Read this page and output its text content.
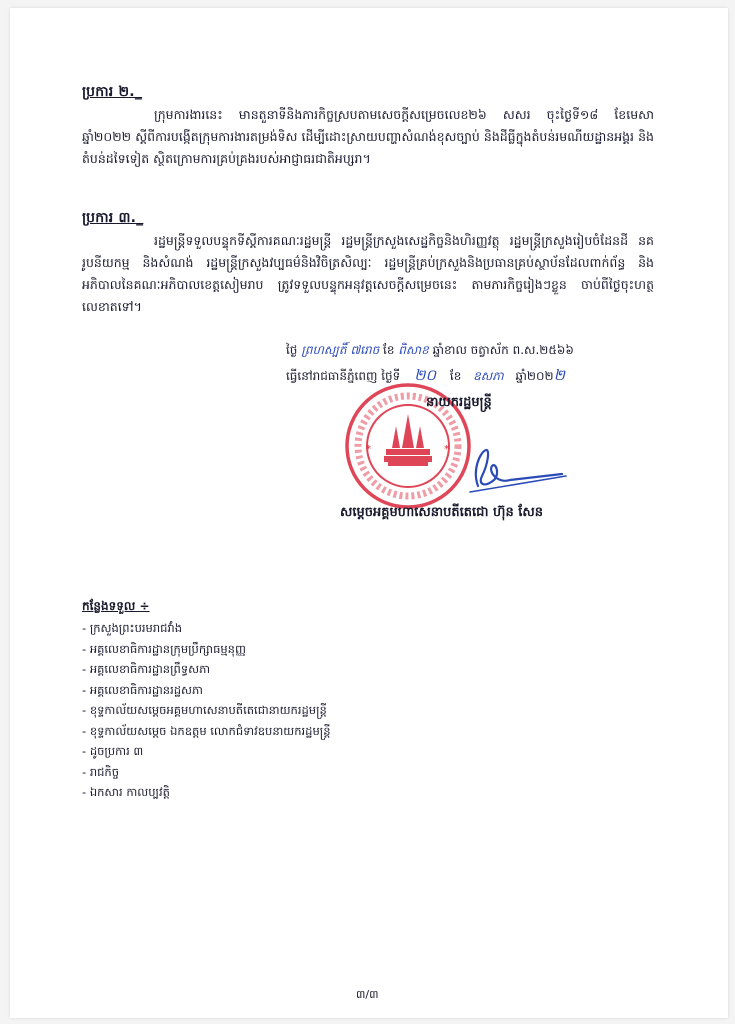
ប្រការ ២._
ក្រុមការងារនេះ មានតួនាទីនិងភារកិច្ចស្របតាមសេចក្ដីសម្រេចលេខ២៦ សសរ ចុះថ្ងៃទី១៨ ខែមេសា ឆ្នាំ២០២២ ស្ដីពីការបង្កើតក្រុមការងារតម្រង់ទិស ដើម្បីដោះស្រាយបញ្ហាសំណង់ខុសច្បាប់ និងដីធ្លីក្នុងតំបន់រមណីយដ្ឋានអង្គរ និងតំបន់ដទៃទៀត ស្ថិតក្រោមការគ្រប់គ្រងរបស់អាជ្ញាធរជាតិអប្សរា។
ប្រការ ៣._
រដ្ឋមន្ត្រីទទួលបន្ទុកទីស្ដីការគណៈរដ្ឋមន្ត្រី រដ្ឋមន្ត្រីក្រសួងសេដ្ឋកិច្ចនិងហិរញ្ញវត្ថុ រដ្ឋមន្ត្រីក្រសួងរៀបចំដែនដី នគរូបនីយកម្ម និងសំណង់ រដ្ឋមន្ត្រីក្រសួងវប្បធម៌និងវិចិត្រសិល្បៈ រដ្ឋមន្ត្រីគ្រប់ក្រសួងនិងប្រធានគ្រប់ស្ថាប័នដែលពាក់ព័ន្ធ និងអភិបាលនៃគណៈអភិបាលខេត្តសៀមរាប ត្រូវទទួលបន្ទុកអនុវត្តសេចក្ដីសម្រេចនេះ តាមភារកិច្ចរៀងៗខ្លួន ចាប់ពីថ្ងៃចុះហត្ថលេខាតទៅ។
ថ្ងៃ ព្រហស្បតិ៍ ៧រោច ខែ ពិសាខ ឆ្នាំខាល ចត្វាស័ក ព.ស.២៥៦៦
ធ្វើនៅរាជធានីភ្នំពេញ ថ្ងៃទី ២០ ខែ ឧសភា ឆ្នាំ២០២២
*	*
នាយករដ្ឋមន្ត្រី
សម្ដេចអគ្គមហាសេនាបតីតេជោ ហ៊ុន សែន
កន្លែងទទួល ÷
- ក្រសួងព្រះបរមរាជវាំង
- អគ្គលេខាធិការដ្ឋានក្រុមប្រឹក្សាធម្មនុញ្ញ
- អគ្គលេខាធិការដ្ឋានព្រឹទ្ធសភា
- អគ្គលេខាធិការដ្ឋានរដ្ឋសភា
- ខុទ្ទកាល័យសម្ដេចអគ្គមហាសេនាបតីតេជោនាយករដ្ឋមន្ត្រី
- ខុទ្ទកាល័យសម្ដេច ឯកឧត្ដម លោកជំទាវឧបនាយករដ្ឋមន្ត្រី
- ដូចប្រការ ៣
- រាជកិច្ច
- ឯកសារ កាលប្បវត្តិ
៣/៣
